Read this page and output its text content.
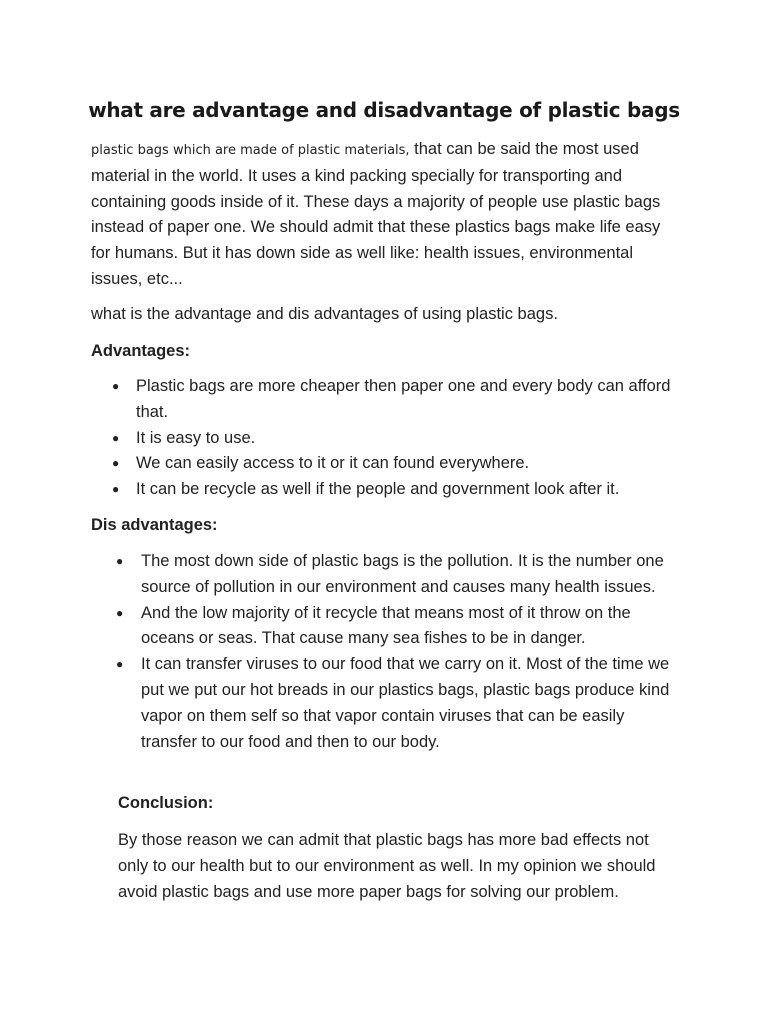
what are advantage and disadvantage of plastic bags

plastic bags which are made of plastic materials, that can be said the most used material in the world. It uses a kind packing specially for transporting and containing goods inside of it. These days a majority of people use plastic bags instead of paper one. We should admit that these plastics bags make life easy for humans. But it has down side as well like: health issues, environmental issues, etc...

what is the advantage and dis advantages of using plastic bags.

Advantages:

● Plastic bags are more cheaper then paper one and every body can afford that.
● It is easy to use.
● We can easily access to it or it can found everywhere.
● It can be recycle as well if the people and government look after it.

Dis advantages:

● The most down side of plastic bags is the pollution. It is the number one source of pollution in our environment and causes many health issues.
● And the low majority of it recycle that means most of it throw on the oceans or seas. That cause many sea fishes to be in danger.
● It can transfer viruses to our food that we carry on it. Most of the time we put we put our hot breads in our plastics bags, plastic bags produce kind vapor on them self so that vapor contain viruses that can be easily transfer to our food and then to our body.

Conclusion:

By those reason we can admit that plastic bags has more bad effects not only to our health but to our environment as well. In my opinion we should avoid plastic bags and use more paper bags for solving our problem.
